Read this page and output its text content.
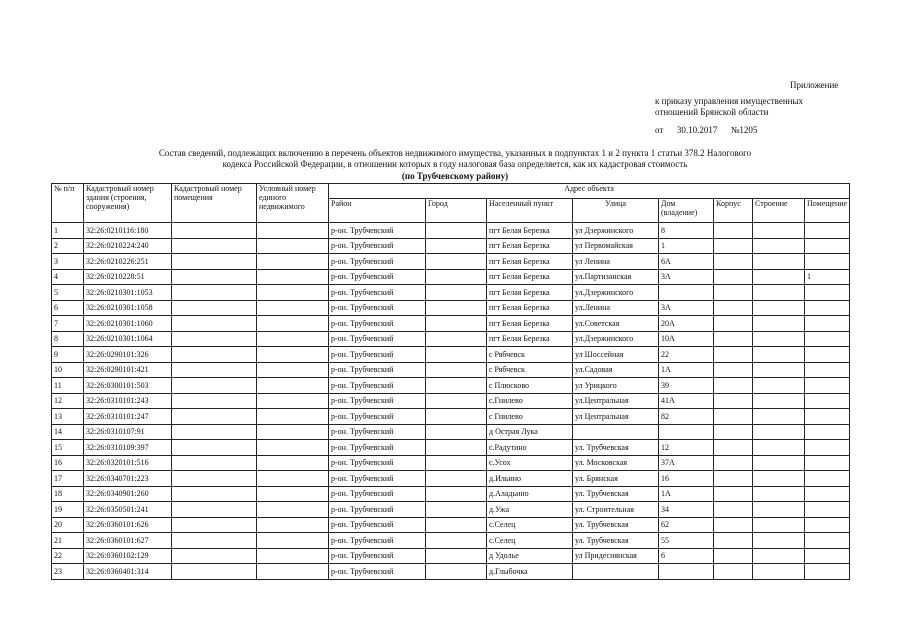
Приложение
к приказу управления имущественных
отношений Брянской области
от      30.10.2017      №1205
Состав сведений, подлежащих включению в перечень объектов недвижимого имущества, указанных в подпунктах 1 и 2 пункта 1 статьи 378.2 Налогового
кодекса Российской Федерации, в отношении которых в году налоговая база определяется, как их кадастровая стоимость
(по Трубчевскому району)
№ п/п	Кадастровый номер здания (строения, сооружения)	Кадастровый номер помещения	Условный номер единого недвижимого	Адрес объекта							
				Район	Город	Населенный пункт	Улица	Дом (владение)	Корпус	Строение	Помещение
1	32:26:0210116:180			р-он. Трубчевский		пгт Белая Березка	ул Дзержинского	8			
2	32:26:0210224:240			р-он. Трубчевский		пгт Белая Березка	ул Первомайская	1			
3	32:26:0210226:251			р-он. Трубчевский		пгт Белая Березка	ул Ленина	6А			
4	32:26:0210228:51			р-он. Трубчевский		пгт Белая Березка	ул.Партизанская	3А			1
5	32:26:0210301:1053			р-он. Трубчевский		пгт Белая Березка	ул.Дзержинского				
6	32:26:0210301:1058			р-он. Трубчевский		пгт Белая Березка	ул.Ленина	3А			
7	32:26:0210301:1060			р-он. Трубчевский		пгт Белая Березка	ул.Советская	20А			
8	32:26:0210301:1064			р-он. Трубчевский		пгт Белая Березка	ул.Дзержинского	10А			
9	32:26:0290101:326			р-он. Трубчевский		с Рябчевск	ул Шоссейная	22			
10	32:26:0290101:421			р-он. Трубчевский		с Рябчевск	ул.Садовая	1А			
11	32:26:0300101:503			р-он. Трубчевский		с Плюсково	ул Урицкого	39			
12	32:26:0310101:243			р-он. Трубчевский		с.Гнилево	ул.Центральная	41А			
13	32:26:0310101:247			р-он. Трубчевский		с Гнилево	ул Центральная	82			
14	32:26:0310107:91			р-он. Трубчевский		д Острая Лука					
15	32:26:0310109:397			р-он. Трубчевский		с.Радутино	ул. Трубчевская	12			
16	32:26:0320101:516			р-он. Трубчевский		с.Усох	ул. Московская	37А			
17	32:26:0340701:223			р-он. Трубчевский		д.Ильино	ул. Брянская	16			
18	32:26:0340901:260			р-он. Трубчевский		д.Аладьино	ул. Трубчевская	1А			
19	32:26:0350501:241			р-он. Трубчевский		д.Ужа	ул. Строительная	34			
20	32:26:0360101:626			р-он. Трубчевский		с.Селец	ул. Трубчевская	62			
21	32:26:0360101:627			р-он. Трубчевский		с.Селец	ул. Трубчевская	55			
22	32:26:0360102:129			р-он. Трубчевский		д Удолье	ул Придеснянская	6			
23	32:26:0360401:314			р-он. Трубчевский		д.Глыбочка					
